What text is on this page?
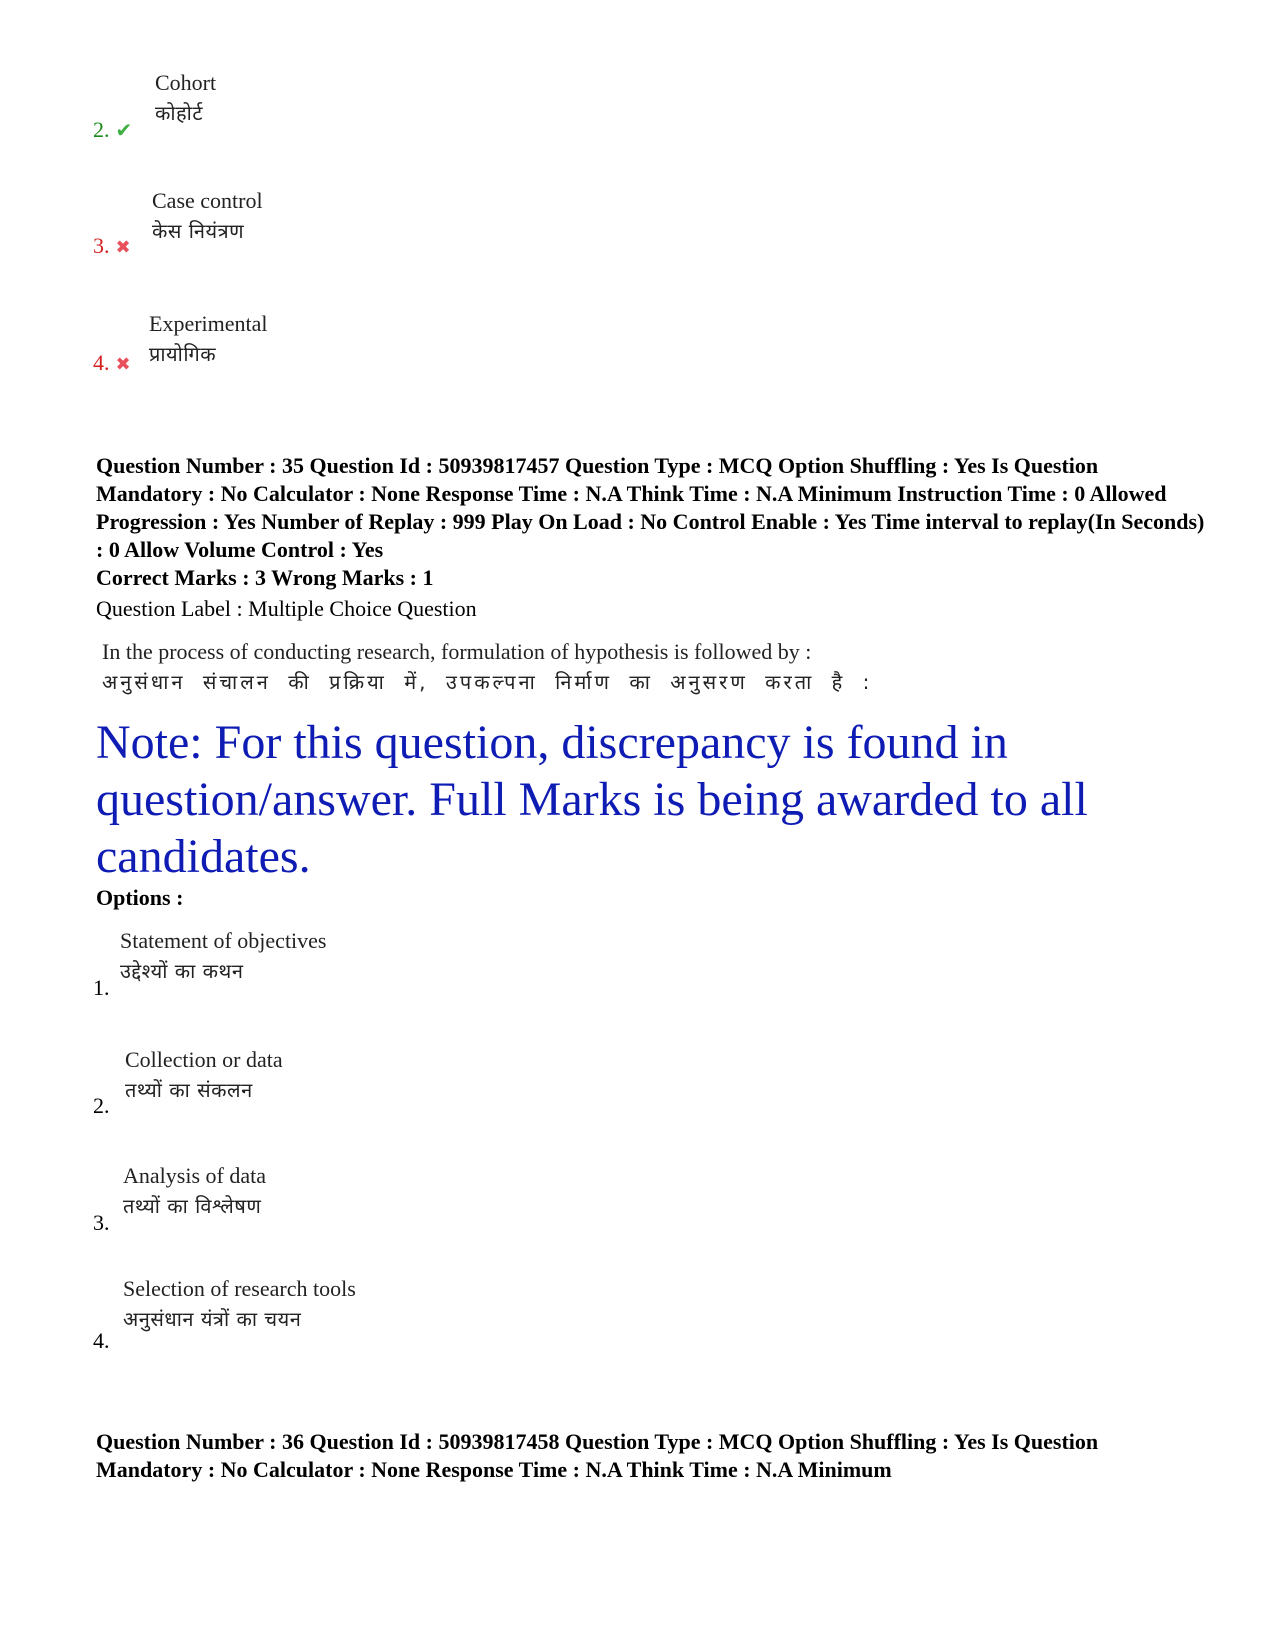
Cohort
कोहोर्ट
2. ✔
Case control
केस नियंत्रण
3. ✖
Experimental
प्रायोगिक
4. ✖
Question Number : 35 Question Id : 50939817457 Question Type : MCQ Option Shuffling : Yes Is Question Mandatory : No Calculator : None Response Time : N.A Think Time : N.A Minimum Instruction Time : 0 Allowed Progression : Yes Number of Replay : 999 Play On Load : No Control Enable : Yes Time interval to replay(In Seconds) : 0 Allow Volume Control : Yes
Correct Marks : 3 Wrong Marks : 1
Question Label : Multiple Choice Question
In the process of conducting research, formulation of hypothesis is followed by :
अनुसंधान संचालन की प्रक्रिया में, उपकल्पना निर्माण का अनुसरण करता है :
Note: For this question, discrepancy is found in question/answer. Full Marks is being awarded to all candidates.
Options :
Statement of objectives
उद्देश्यों का कथन
1.
Collection or data
तथ्यों का संकलन
2.
Analysis of data
तथ्यों का विश्लेषण
3.
Selection of research tools
अनुसंधान यंत्रों का चयन
4.
Question Number : 36 Question Id : 50939817458 Question Type : MCQ Option Shuffling : Yes Is Question Mandatory : No Calculator : None Response Time : N.A Think Time : N.A Minimum
